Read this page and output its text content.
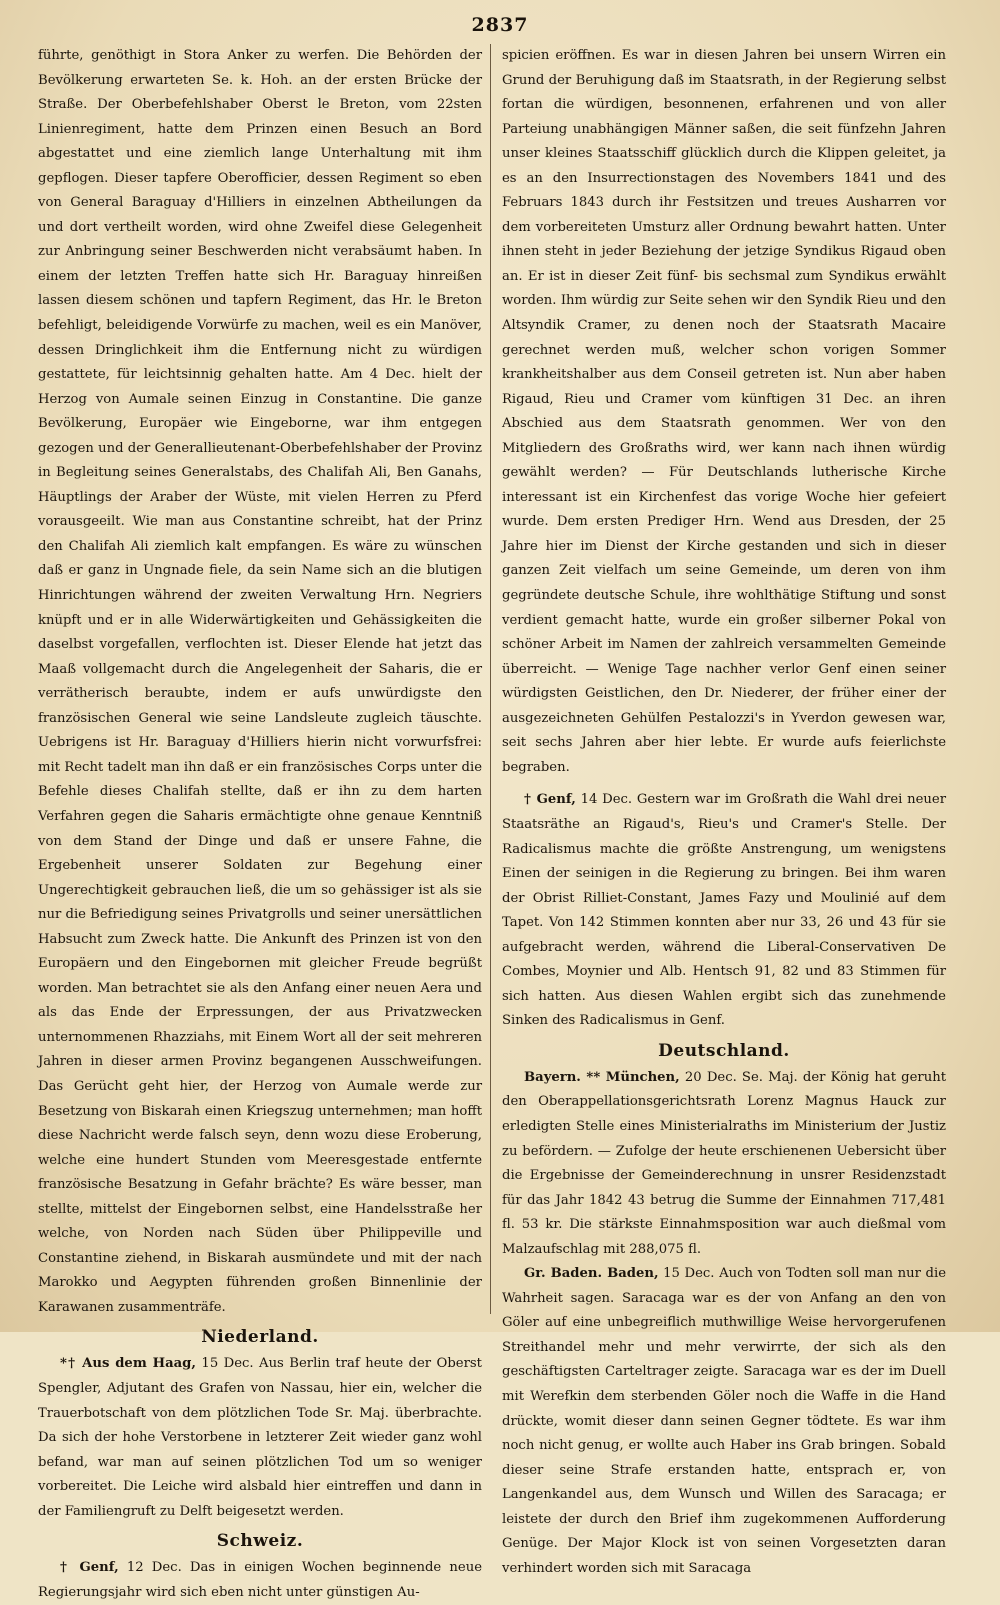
2837

führte, genöthigt in Stora Anker zu werfen. Die Behörden der Bevölkerung erwarteten Se. k. Hoh. an der ersten Brücke der Straße. Der Oberbefehlshaber Oberst le Breton, vom 22sten Linienregiment, hatte dem Prinzen einen Besuch an Bord abgestattet und eine ziemlich lange Unterhaltung mit ihm gepflogen. Dieser tapfere Oberofficier, dessen Regiment so eben von General Baraguay d'Hilliers in einzelnen Abtheilungen da und dort vertheilt worden, wird ohne Zweifel diese Gelegenheit zur Anbringung seiner Beschwerden nicht verabsäumt haben. In einem der letzten Treffen hatte sich Hr. Baraguay hinreißen lassen diesem schönen und tapfern Regiment, das Hr. le Breton befehligt, beleidigende Vorwürfe zu machen, weil es ein Manöver, dessen Dringlichkeit ihm die Entfernung nicht zu würdigen gestattete, für leichtsinnig gehalten hatte. Am 4 Dec. hielt der Herzog von Aumale seinen Einzug in Constantine. Die ganze Bevölkerung, Europäer wie Eingeborne, war ihm entgegen gezogen und der Generallieutenant-Oberbefehlshaber der Provinz in Begleitung seines Generalstabs, des Chalifah Ali, Ben Ganahs, Häuptlings der Araber der Wüste, mit vielen Herren zu Pferd vorausgeeilt. Wie man aus Constantine schreibt, hat der Prinz den Chalifah Ali ziemlich kalt empfangen. Es wäre zu wünschen daß er ganz in Ungnade fiele, da sein Name sich an die blutigen Hinrichtungen während der zweiten Verwaltung Hrn. Negriers knüpft und er in alle Widerwärtigkeiten und Gehässigkeiten die daselbst vorgefallen, verflochten ist. Dieser Elende hat jetzt das Maaß vollgemacht durch die Angelegenheit der Saharis, die er verrätherisch beraubte, indem er aufs unwürdigste den französischen General wie seine Landsleute zugleich täuschte. Uebrigens ist Hr. Baraguay d'Hilliers hierin nicht vorwurfsfrei: mit Recht tadelt man ihn daß er ein französisches Corps unter die Befehle dieses Chalifah stellte, daß er ihn zu dem harten Verfahren gegen die Saharis ermächtigte ohne genaue Kenntniß von dem Stand der Dinge und daß er unsere Fahne, die Ergebenheit unserer Soldaten zur Begehung einer Ungerechtigkeit gebrauchen ließ, die um so gehässiger ist als sie nur die Befriedigung seines Privatgrolls und seiner unersättlichen Habsucht zum Zweck hatte. Die Ankunft des Prinzen ist von den Europäern und den Eingebornen mit gleicher Freude begrüßt worden. Man betrachtet sie als den Anfang einer neuen Aera und als das Ende der Erpressungen, der aus Privatzwecken unternommenen Rhazziahs, mit Einem Wort all der seit mehreren Jahren in dieser armen Provinz begangenen Ausschweifungen. Das Gerücht geht hier, der Herzog von Aumale werde zur Besetzung von Biskarah einen Kriegszug unternehmen; man hofft diese Nachricht werde falsch seyn, denn wozu diese Eroberung, welche eine hundert Stunden vom Meeresgestade entfernte französische Besatzung in Gefahr brächte? Es wäre besser, man stellte, mittelst der Eingebornen selbst, eine Handelsstraße her welche, von Norden nach Süden über Philippeville und Constantine ziehend, in Biskarah ausmündete und mit der nach Marokko und Aegypten führenden großen Binnenlinie der Karawanen zusammenträfe.

Niederland.

*† Aus dem Haag, 15 Dec. Aus Berlin traf heute der Oberst Spengler, Adjutant des Grafen von Nassau, hier ein, welcher die Trauerbotschaft von dem plötzlichen Tode Sr. Maj. überbrachte. Da sich der hohe Verstorbene in letzterer Zeit wieder ganz wohl befand, war man auf seinen plötzlichen Tod um so weniger vorbereitet. Die Leiche wird alsbald hier eintreffen und dann in der Familiengruft zu Delft beigesetzt werden.

Schweiz.

† Genf, 12 Dec. Das in einigen Wochen beginnende neue Regierungsjahr wird sich eben nicht unter günstigen Au-

spicien eröffnen. Es war in diesen Jahren bei unsern Wirren ein Grund der Beruhigung daß im Staatsrath, in der Regierung selbst fortan die würdigen, besonnenen, erfahrenen und von aller Parteiung unabhängigen Männer saßen, die seit fünfzehn Jahren unser kleines Staatsschiff glücklich durch die Klippen geleitet, ja es an den Insurrectionstagen des Novembers 1841 und des Februars 1843 durch ihr Festsitzen und treues Ausharren vor dem vorbereiteten Umsturz aller Ordnung bewahrt hatten. Unter ihnen steht in jeder Beziehung der jetzige Syndikus Rigaud oben an. Er ist in dieser Zeit fünf- bis sechsmal zum Syndikus erwählt worden. Ihm würdig zur Seite sehen wir den Syndik Rieu und den Altsyndik Cramer, zu denen noch der Staatsrath Macaire gerechnet werden muß, welcher schon vorigen Sommer krankheitshalber aus dem Conseil getreten ist. Nun aber haben Rigaud, Rieu und Cramer vom künftigen 31 Dec. an ihren Abschied aus dem Staatsrath genommen. Wer von den Mitgliedern des Großraths wird, wer kann nach ihnen würdig gewählt werden? — Für Deutschlands lutherische Kirche interessant ist ein Kirchenfest das vorige Woche hier gefeiert wurde. Dem ersten Prediger Hrn. Wend aus Dresden, der 25 Jahre hier im Dienst der Kirche gestanden und sich in dieser ganzen Zeit vielfach um seine Gemeinde, um deren von ihm gegründete deutsche Schule, ihre wohlthätige Stiftung und sonst verdient gemacht hatte, wurde ein großer silberner Pokal von schöner Arbeit im Namen der zahlreich versammelten Gemeinde überreicht. — Wenige Tage nachher verlor Genf einen seiner würdigsten Geistlichen, den Dr. Niederer, der früher einer der ausgezeichneten Gehülfen Pestalozzi's in Yverdon gewesen war, seit sechs Jahren aber hier lebte. Er wurde aufs feierlichste begraben.

† Genf, 14 Dec. Gestern war im Großrath die Wahl drei neuer Staatsräthe an Rigaud's, Rieu's und Cramer's Stelle. Der Radicalismus machte die größte Anstrengung, um wenigstens Einen der seinigen in die Regierung zu bringen. Bei ihm waren der Obrist Rilliet-Constant, James Fazy und Moulinié auf dem Tapet. Von 142 Stimmen konnten aber nur 33, 26 und 43 für sie aufgebracht werden, während die Liberal-Conservativen De Combes, Moynier und Alb. Hentsch 91, 82 und 83 Stimmen für sich hatten. Aus diesen Wahlen ergibt sich das zunehmende Sinken des Radicalismus in Genf.

Deutschland.

Bayern. ** München, 20 Dec. Se. Maj. der König hat geruht den Oberappellationsgerichtsrath Lorenz Magnus Hauck zur erledigten Stelle eines Ministerialraths im Ministerium der Justiz zu befördern. — Zufolge der heute erschienenen Uebersicht über die Ergebnisse der Gemeinderechnung in unsrer Residenzstadt für das Jahr 1842 43 betrug die Summe der Einnahmen 717,481 fl. 53 kr. Die stärkste Einnahmsposition war auch dießmal vom Malzaufschlag mit 288,075 fl.

Gr. Baden. Baden, 15 Dec. Auch von Todten soll man nur die Wahrheit sagen. Saracaga war es der von Anfang an den von Göler auf eine unbegreiflich muthwillige Weise hervorgerufenen Streithandel mehr und mehr verwirrte, der sich als den geschäftigsten Carteltrager zeigte. Saracaga war es der im Duell mit Werefkin dem sterbenden Göler noch die Waffe in die Hand drückte, womit dieser dann seinen Gegner tödtete. Es war ihm noch nicht genug, er wollte auch Haber ins Grab bringen. Sobald dieser seine Strafe erstanden hatte, entsprach er, von Langenkandel aus, dem Wunsch und Willen des Saracaga; er leistete der durch den Brief ihm zugekommenen Aufforderung Genüge. Der Major Klock ist von seinen Vorgesetzten daran verhindert worden sich mit Saracaga
